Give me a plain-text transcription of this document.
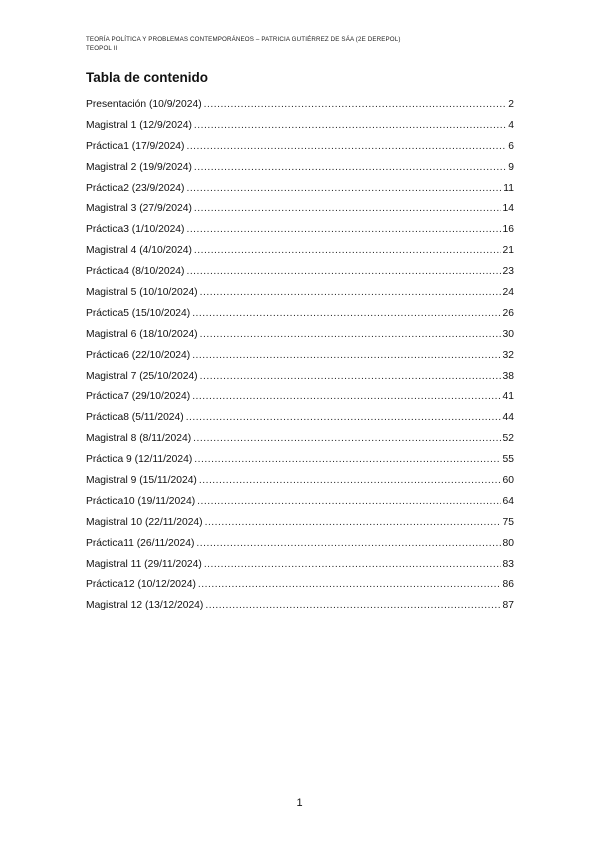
TEORÍA POLÍTICA Y PROBLEMAS CONTEMPORÁNEOS – PATRICIA GUTIÉRREZ DE SÁA (2E DEREPOL)
TEOPOL II
Tabla de contenido
Presentación (10/9/2024) .....	2
Magistral 1 (12/9/2024) .....	4
Práctica1 (17/9/2024) .....	6
Magistral 2 (19/9/2024) .....	9
Práctica2 (23/9/2024) .....	11
Magistral 3 (27/9/2024) .....	14
Práctica3 (1/10/2024) .....	16
Magistral 4 (4/10/2024) .....	21
Práctica4 (8/10/2024) .....	23
Magistral 5 (10/10/2024) .....	24
Práctica5 (15/10/2024) .....	26
Magistral 6 (18/10/2024) .....	30
Práctica6 (22/10/2024) .....	32
Magistral 7 (25/10/2024) .....	38
Práctica7 (29/10/2024) .....	41
Práctica8 (5/11/2024) .....	44
Magistral 8 (8/11/2024) .....	52
Práctica 9 (12/11/2024) .....	55
Magistral 9 (15/11/2024) .....	60
Práctica10 (19/11/2024) .....	64
Magistral 10 (22/11/2024) .....	75
Práctica11 (26/11/2024) .....	80
Magistral 11 (29/11/2024) .....	83
Práctica12 (10/12/2024) .....	86
Magistral 12 (13/12/2024) .....	87
1
